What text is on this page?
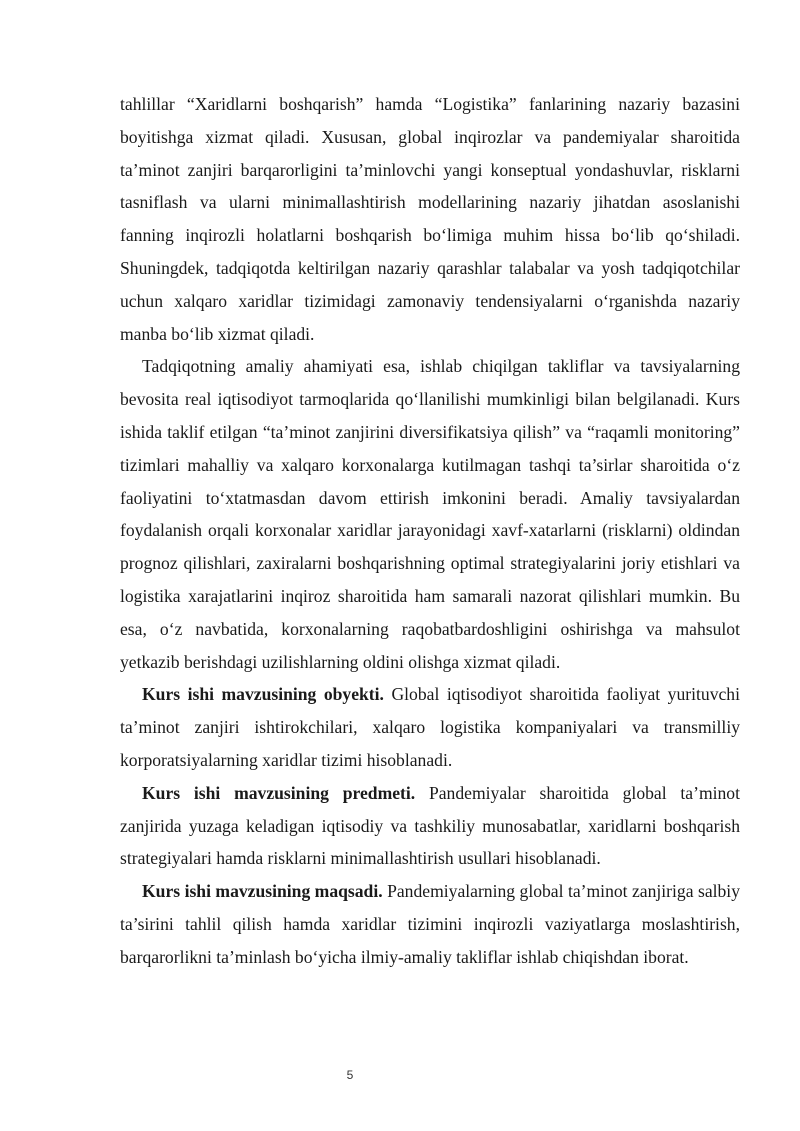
tahlillar “Xaridlarni boshqarish” hamda “Logistika” fanlarining nazariy bazasini boyitishga xizmat qiladi. Xususan, global inqirozlar va pandemiyalar sharoitida ta’minot zanjiri barqarorligini ta’minlovchi yangi konseptual yondashuvlar, risklarni tasniflash va ularni minimallashtirish modellarining nazariy jihatdan asoslanishi fanning inqirozli holatlarni boshqarish bo‘limiga muhim hissa bo‘lib qo‘shiladi. Shuningdek, tadqiqotda keltirilgan nazariy qarashlar talabalar va yosh tadqiqotchilar uchun xalqaro xaridlar tizimidagi zamonaviy tendensiyalarni o‘rganishda nazariy manba bo‘lib xizmat qiladi.

Tadqiqotning amaliy ahamiyati esa, ishlab chiqilgan takliflar va tavsiyalarning bevosita real iqtisodiyot tarmoqlarida qo‘llanilishi mumkinligi bilan belgilanadi. Kurs ishida taklif etilgan “ta’minot zanjirini diversifikatsiya qilish” va “raqamli monitoring” tizimlari mahalliy va xalqaro korxonalarga kutilmagan tashqi ta’sirlar sharoitida o‘z faoliyatini to‘xtatmasdan davom ettirish imkonini beradi. Amaliy tavsiyalardan foydalanish orqali korxonalar xaridlar jarayonidagi xavf-xatarlarni (risklarni) oldindan prognoz qilishlari, zaxiralarni boshqarishning optimal strategiyalarini joriy etishlari va logistika xarajatlarini inqiroz sharoitida ham samarali nazorat qilishlari mumkin. Bu esa, o‘z navbatida, korxonalarning raqobatbardoshligini oshirishga va mahsulot yetkazib berishdagi uzilishlarning oldini olishga xizmat qiladi.

Kurs ishi mavzusining obyekti. Global iqtisodiyot sharoitida faoliyat yurituvchi ta’minot zanjiri ishtirokchilari, xalqaro logistika kompaniyalari va transmilliy korporatsiyalarning xaridlar tizimi hisoblanadi.

Kurs ishi mavzusining predmeti. Pandemiyalar sharoitida global ta’minot zanjirida yuzaga keladigan iqtisodiy va tashkiliy munosabatlar, xaridlarni boshqarish strategiyalari hamda risklarni minimallashtirish usullari hisoblanadi.

Kurs ishi mavzusining maqsadi. Pandemiyalarning global ta’minot zanjiriga salbiy ta’sirini tahlil qilish hamda xaridlar tizimini inqirozli vaziyatlarga moslashtirish, barqarorlikni ta’minlash bo‘yicha ilmiy-amaliy takliflar ishlab chiqishdan iborat.

5
